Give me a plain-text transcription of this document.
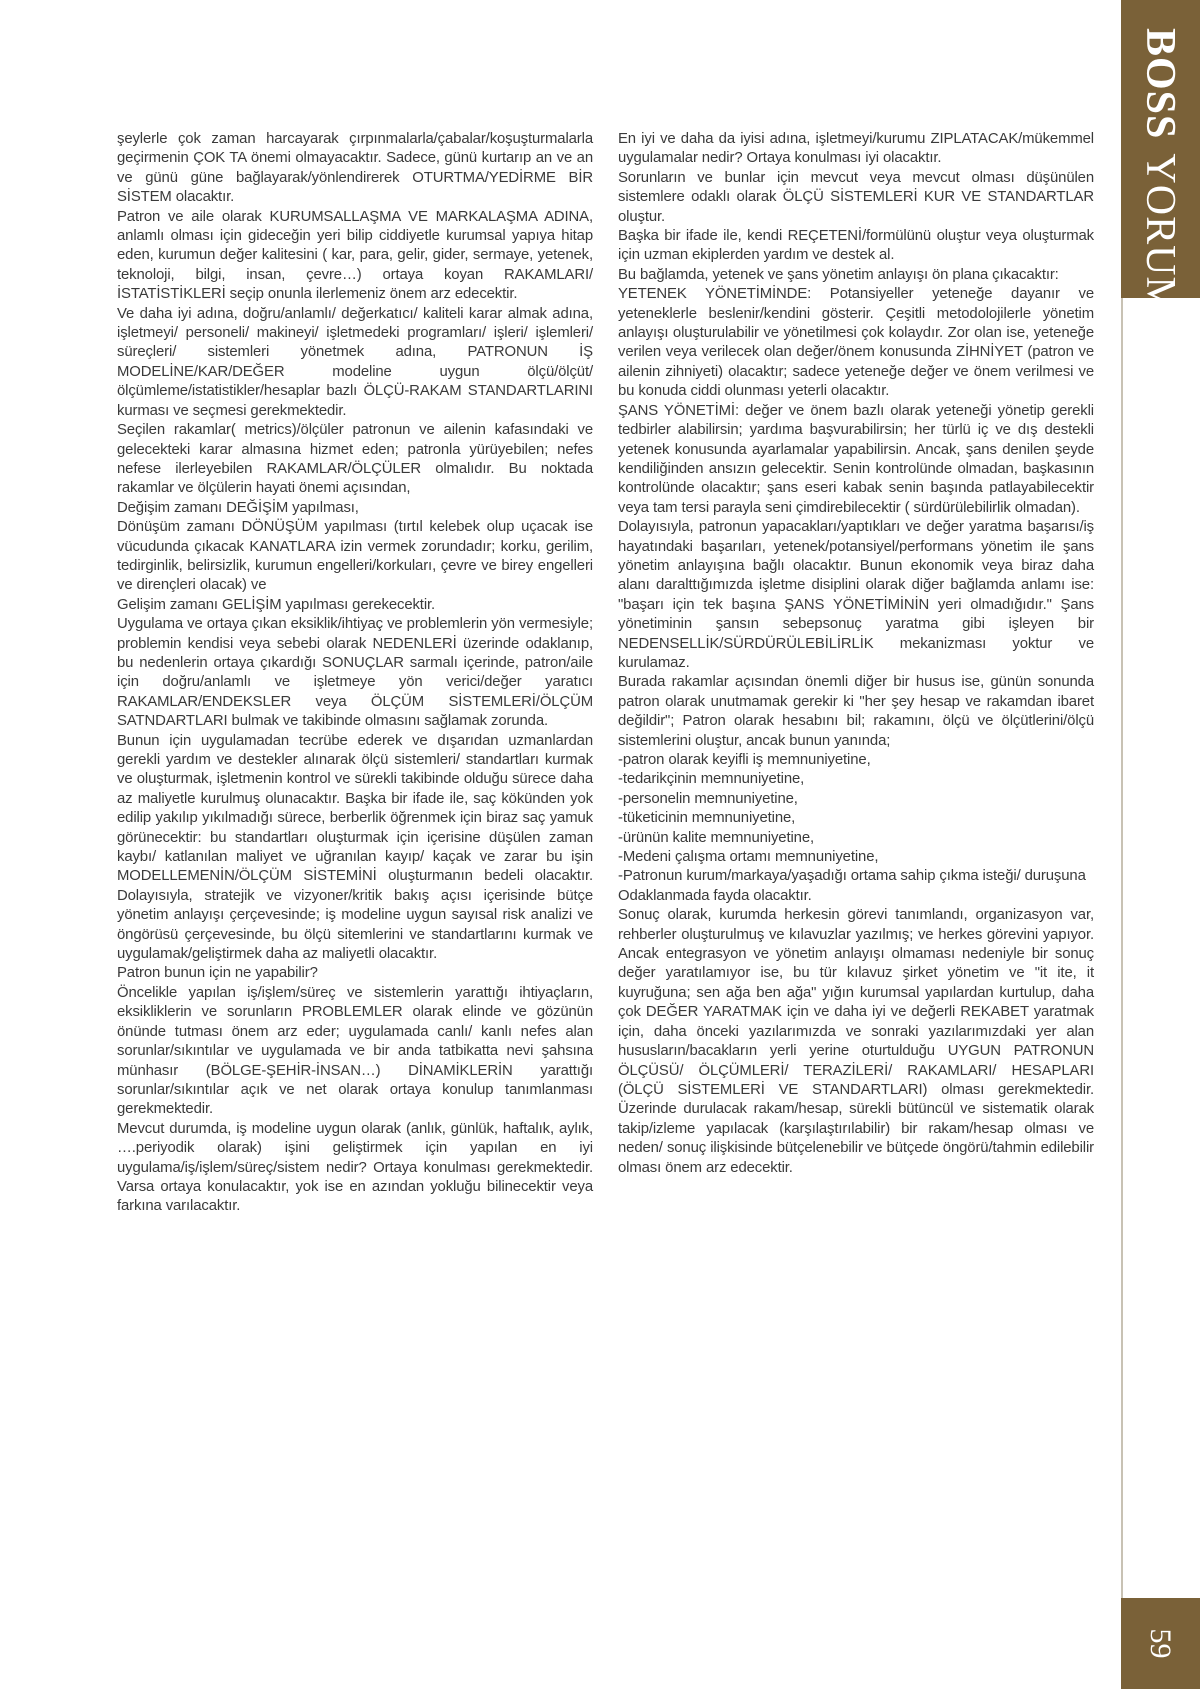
şeylerle çok zaman harcayarak çırpınmalarla/çabalar/koşuşturmalarla geçirmenin ÇOK TA önemi olmayacaktır. Sadece, günü kurtarıp an ve an ve günü güne bağlayarak/yönlendirerek OTURTMA/YEDİRME BİR SİSTEM olacaktır.

Patron ve aile olarak KURUMSALLAŞMA VE MARKALAŞMA ADINA, anlamlı olması için gideceğin yeri bilip ciddiyetle kurumsal yapıya hitap eden, kurumun değer kalitesini ( kar, para, gelir, gider, sermaye, yetenek, teknoloji, bilgi, insan, çevre…) ortaya koyan RAKAMLARI/İSTATİSTİKLERİ seçip onunla ilerlemeniz önem arz edecektir.

Ve daha iyi adına, doğru/anlamlı/ değerkatıcı/ kaliteli karar almak adına, işletmeyi/ personeli/ makineyi/ işletmedeki programları/ işleri/ işlemleri/ süreçleri/ sistemleri yönetmek adına, PATRONUN İŞ MODELİNE/KAR/DEĞER modeline uygun ölçü/ölçüt/ölçümleme/istatistikler/hesaplar bazlı ÖLÇÜ-RAKAM STANDARTLARINI kurması ve seçmesi gerekmektedir.

Seçilen rakamlar( metrics)/ölçüler patronun ve ailenin kafasındaki ve gelecekteki karar almasına hizmet eden; patronla yürüyebilen; nefes nefese ilerleyebilen RAKAMLAR/ÖLÇÜLER olmalıdır. Bu noktada rakamlar ve ölçülerin hayati önemi açısından,

Değişim zamanı DEĞİŞİM yapılması,

Dönüşüm zamanı DÖNÜŞÜM yapılması (tırtıl kelebek olup uçacak ise vücudunda çıkacak KANATLARA izin vermek zorundadır; korku, gerilim, tedirginlik, belirsizlik, kurumun engelleri/korkuları, çevre ve birey engelleri ve dirençleri olacak) ve

Gelişim zamanı GELİŞİM yapılması gerekecektir.

Uygulama ve ortaya çıkan eksiklik/ihtiyaç ve problemlerin yön vermesiyle; problemin kendisi veya sebebi olarak NEDENLERİ üzerinde odaklanıp, bu nedenlerin ortaya çıkardığı SONUÇLAR sarmalı içerinde, patron/aile için doğru/anlamlı ve işletmeye yön verici/değer yaratıcı RAKAMLAR/ENDEKSLER veya ÖLÇÜM SİSTEMLERİ/ÖLÇÜM SATNDARTLARI bulmak ve takibinde olmasını sağlamak zorunda.

Bunun için uygulamadan tecrübe ederek ve dışarıdan uzmanlardan gerekli yardım ve destekler alınarak ölçü sistemleri/ standartları kurmak ve oluşturmak, işletmenin kontrol ve sürekli takibinde olduğu sürece daha az maliyetle kurulmuş olunacaktır. Başka bir ifade ile, saç kökünden yok edilip yakılıp yıkılmadığı sürece, berberlik öğrenmek için biraz saç yamuk görünecektir: bu standartları oluşturmak için içerisine düşülen zaman kaybı/ katlanılan maliyet ve uğranılan kayıp/ kaçak ve zarar bu işin MODELLEMENİN/ÖLÇÜM SİSTEMİNİ oluşturmanın bedeli olacaktır. Dolayısıyla, stratejik ve vizyoner/kritik bakış açısı içerisinde bütçe yönetim anlayışı çerçevesinde; iş modeline uygun sayısal risk analizi ve öngörüsü çerçevesinde, bu ölçü sitemlerini ve standartlarını kurmak ve uygulamak/geliştirmek daha az maliyetli olacaktır.

Patron bunun için ne yapabilir?

Öncelikle yapılan iş/işlem/süreç ve sistemlerin yarattığı ihtiyaçların, eksikliklerin ve sorunların PROBLEMLER olarak elinde ve gözünün önünde tutması önem arz eder; uygulamada canlı/ kanlı nefes alan sorunlar/sıkıntılar ve uygulamada ve bir anda tatbikatta nevi şahsına münhasır (BÖLGE-ŞEHİR-İNSAN…) DİNAMİKLERİN yarattığı sorunlar/sıkıntılar açık ve net olarak ortaya konulup tanımlanması gerekmektedir.

Mevcut durumda, iş modeline uygun olarak (anlık, günlük, haftalık, aylık, ….periyodik olarak) işini geliştirmek için yapılan en iyi uygulama/iş/işlem/süreç/sistem nedir? Ortaya konulması gerekmektedir. Varsa ortaya konulacaktır, yok ise en azından yokluğu bilinecektir veya farkına varılacaktır.

En iyi ve daha da iyisi adına, işletmeyi/kurumu ZIPLATACAK/mükemmel uygulamalar nedir? Ortaya konulması iyi olacaktır.

Sorunların ve bunlar için mevcut veya mevcut olması düşünülen sistemlere odaklı olarak ÖLÇÜ SİSTEMLERİ KUR VE STANDARTLAR oluştur.

Başka bir ifade ile, kendi REÇETENİ/formülünü oluştur veya oluşturmak için uzman ekiplerden yardım ve destek al.

Bu bağlamda, yetenek ve şans yönetim anlayışı ön plana çıkacaktır:

YETENEK YÖNETİMİNDE: Potansiyeller yeteneğe dayanır ve yeteneklerle beslenir/kendini gösterir. Çeşitli metodolojilerle yönetim anlayışı oluşturulabilir ve yönetilmesi çok kolaydır. Zor olan ise, yeteneğe verilen veya verilecek olan değer/önem konusunda ZİHNİYET (patron ve ailenin zihniyeti) olacaktır; sadece yeteneğe değer ve önem verilmesi ve bu konuda ciddi olunması yeterli olacaktır.

ŞANS YÖNETİMİ: değer ve önem bazlı olarak yeteneği yönetip gerekli tedbirler alabilirsin; yardıma başvurabilirsin; her türlü iç ve dış destekli yetenek konusunda ayarlamalar yapabilirsin. Ancak, şans denilen şeyde kendiliğinden ansızın gelecektir. Senin kontrolünde olmadan, başkasının kontrolünde olacaktır; şans eseri kabak senin başında patlayabilecektir veya tam tersi parayla seni çimdirebilecektir ( sürdürülebilirlik olmadan).

Dolayısıyla, patronun yapacakları/yaptıkları ve değer yaratma başarısı/iş hayatındaki başarıları, yetenek/potansiyel/performans yönetim ile şans yönetim anlayışına bağlı olacaktır. Bunun ekonomik veya biraz daha alanı daralttığımızda işletme disiplini olarak diğer bağlamda anlamı ise: "başarı için tek başına ŞANS YÖNETİMİNİN yeri olmadığıdır." Şans yönetiminin şansın sebepsonuç yaratma gibi işleyen bir NEDENSELLİK/SÜRDÜRÜLEBİLİRLİK mekanizması yoktur ve kurulamaz.

Burada rakamlar açısından önemli diğer bir husus ise, günün sonunda patron olarak unutmamak gerekir ki "her şey hesap ve rakamdan ibaret değildir"; Patron olarak hesabını bil; rakamını, ölçü ve ölçütlerini/ölçü sistemlerini oluştur, ancak bunun yanında;

-patron olarak keyifli iş memnuniyetine,

-tedarikçinin memnuniyetine,

-personelin memnuniyetine,

-tüketicinin memnuniyetine,

-ürünün kalite memnuniyetine,

-Medeni çalışma ortamı memnuniyetine,

-Patronun kurum/markaya/yaşadığı ortama sahip çıkma isteği/ duruşuna

Odaklanmada fayda olacaktır.

Sonuç olarak, kurumda herkesin görevi tanımlandı, organizasyon var, rehberler oluşturulmuş ve kılavuzlar yazılmış; ve herkes görevini yapıyor. Ancak entegrasyon ve yönetim anlayışı olmaması nedeniyle bir sonuç değer yaratılamıyor ise, bu tür kılavuz şirket yönetim ve "it ite, it kuyruğuna; sen ağa ben ağa" yığın kurumsal yapılardan kurtulup, daha çok DEĞER YARATMAK için ve daha iyi ve değerli REKABET yaratmak için, daha önceki yazılarımızda ve sonraki yazılarımızdaki yer alan hususların/bacakların yerli yerine oturtulduğu UYGUN PATRONUN ÖLÇÜSÜ/ ÖLÇÜMLERİ/ TERAZİLERİ/ RAKAMLARI/ HESAPLARI (ÖLÇÜ SİSTEMLERİ VE STANDARTLARI) olması gerekmektedir. Üzerinde durulacak rakam/hesap, sürekli bütüncül ve sistematik olarak takip/izleme yapılacak (karşılaştırılabilir) bir rakam/hesap olması ve neden/ sonuç ilişkisinde bütçelenebilir ve bütçede öngörü/tahmin edilebilir olması önem arz edecektir.

BOSS
YORUM
59
